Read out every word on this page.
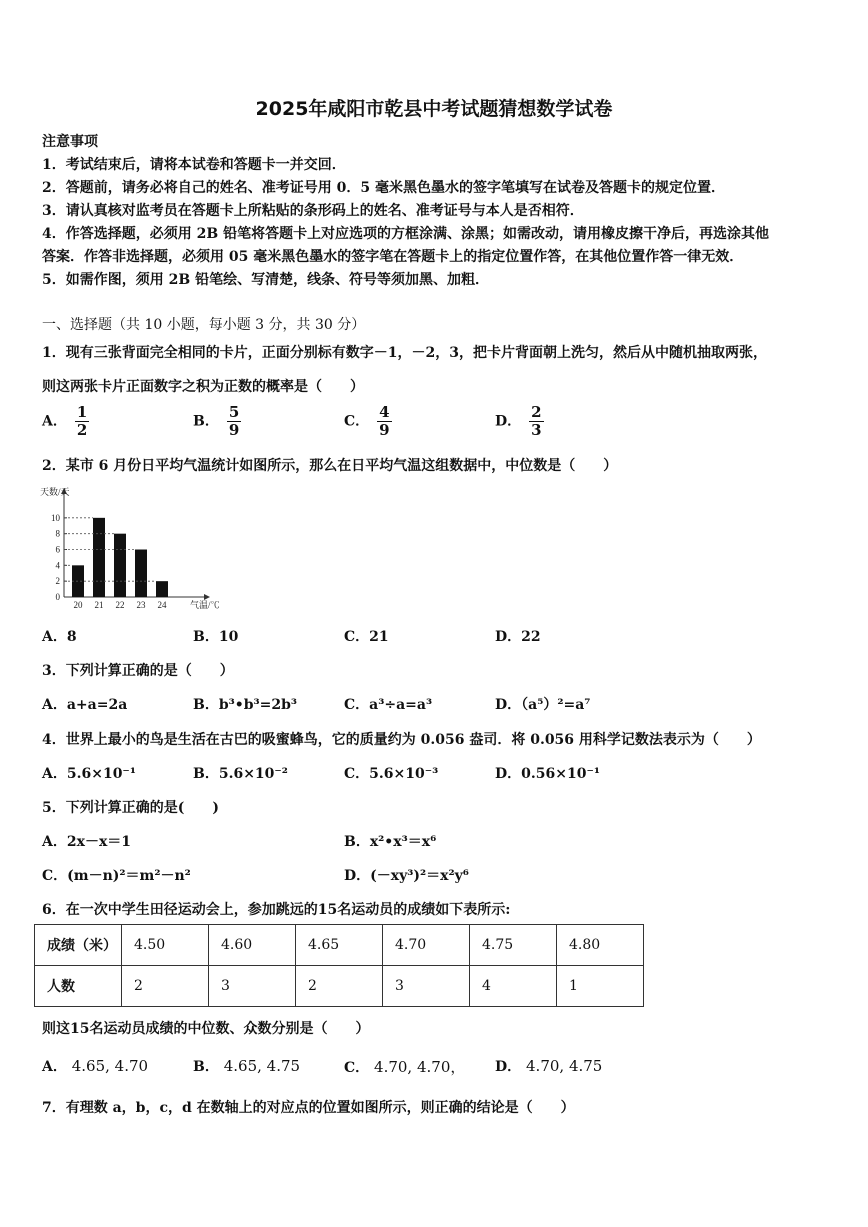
2025年咸阳市乾县中考试题猜想数学试卷
注意事项
1．考试结束后，请将本试卷和答题卡一并交回．
2．答题前，请务必将自己的姓名、准考证号用 0．5 毫米黑色墨水的签字笔填写在试卷及答题卡的规定位置．
3．请认真核对监考员在答题卡上所粘贴的条形码上的姓名、准考证号与本人是否相符．
4．作答选择题，必须用 2B 铅笔将答题卡上对应选项的方框涂满、涂黑；如需改动，请用橡皮擦干净后，再选涂其他
答案．作答非选择题，必须用 05 毫米黑色墨水的签字笔在答题卡上的指定位置作答，在其他位置作答一律无效．
5．如需作图，须用 2B 铅笔绘、写清楚，线条、符号等须加黑、加粗．
一、选择题（共 10 小题，每小题 3 分，共 30 分）
1．现有三张背面完全相同的卡片，正面分别标有数字－1，－2，3，把卡片背面朝上洗匀，然后从中随机抽取两张，
则这两张卡片正面数字之积为正数的概率是（　　）
A． $\frac{1}{2}$	B． $\frac{5}{9}$	C． $\frac{4}{9}$	D． $\frac{2}{3}$
2．某市 6 月份日平均气温统计如图所示，那么在日平均气温这组数据中，中位数是（　　）
0
2
4
6
8
10
20 21 22 23 24
天数/天
气温/℃
A．8	B．10	C．21	D．22
3．下列计算正确的是（　　）
A．a+a=2a	B．b³•b³=2b³	C．a³÷a=a³	D．（a⁵）²=a⁷
4．世界上最小的鸟是生活在古巴的吸蜜蜂鸟，它的质量约为 0.056 盎司．将 0.056 用科学记数法表示为（　　）
A．5.6×10⁻¹	B．5.6×10⁻²	C．5.6×10⁻³	D．0.56×10⁻¹
5．下列计算正确的是(　　)
A．2x－x＝1	B．x²•x³＝x⁶
C．(m－n)²＝m²－n²	D．(－xy³)²＝x²y⁶
6．在一次中学生田径运动会上，参加跳远的15名运动员的成绩如下表所示:
成绩（米）	4.50	4.60	4.65	4.70	4.75	4.80
人数	2	3	2	3	4	1
则这15名运动员成绩的中位数、众数分别是（　　）
A． 4.65, 4.70	B． 4.65, 4.75	C． 4.70, 4.70， D． 4.70, 4.75
7．有理数 a，b，c，d 在数轴上的对应点的位置如图所示，则正确的结论是（　　）
